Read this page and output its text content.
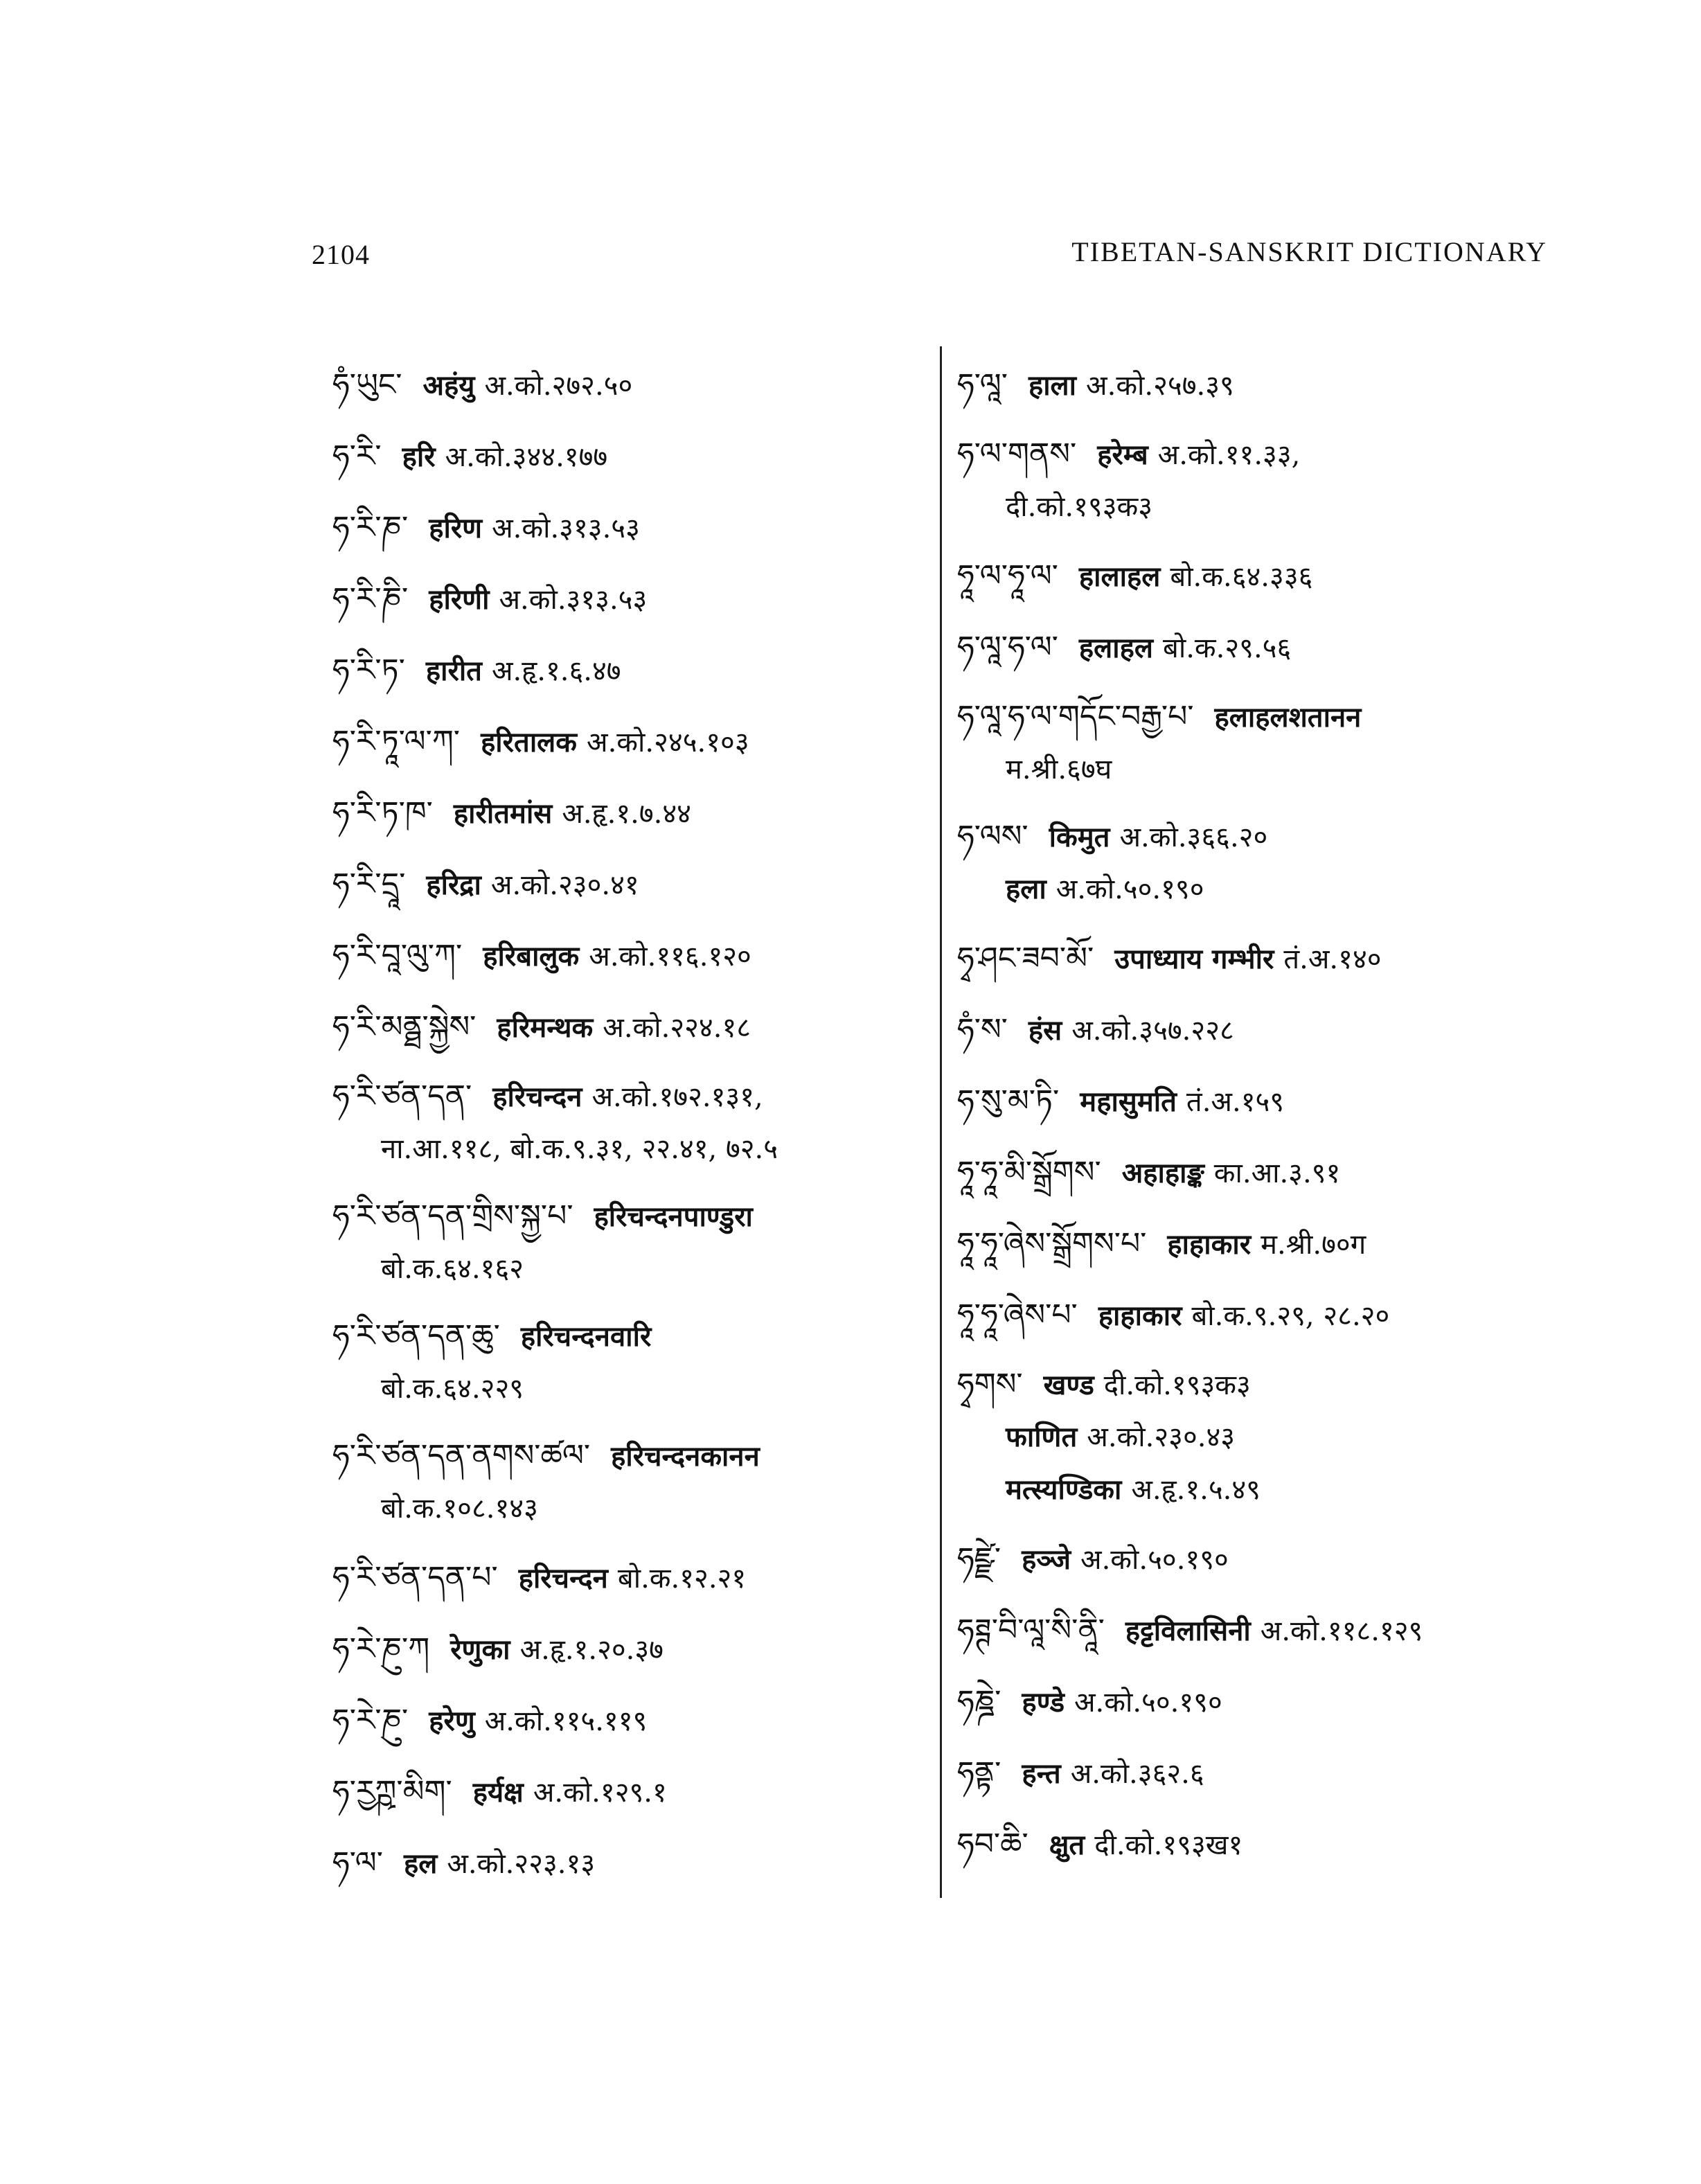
2104	TIBETAN-SANSKRIT DICTIONARY
ཧཾ་ཡུང་ अहंयु अ.को.२७२.५०
ཧ་རི་ हरि अ.को.३४४.१७७
ཧ་རི་ཎ་ हरिण अ.को.३१३.५३
ཧ་རི་ཎི་ हरिणी अ.को.३१३.५३
ཧ་རི་ཏ་ हारीत अ.हृ.१.६.४७
ཧ་རི་ཏཱ་ལ་ཀ་ हरितालक अ.को.२४५.१०३
ཧ་རི་ཏ་ཁ་ हारीतमांस अ.हृ.१.७.४४
ཧ་རི་དྲཱ་ हरिद्रा अ.को.२३०.४१
ཧ་རི་བཱ་ལུ་ཀ་ हरिबालुक अ.को.११६.१२०
ཧ་རི་མནྠ་སྐྱེས་ हरिमन्थक अ.को.२२४.१८
ཧ་རི་ཙན་དན་ हरिचन्दन अ.को.१७२.१३१,
ना.आ.११८, बो.क.९.३१, २२.४१, ७२.५
ཧ་རི་ཙན་དན་གྲིས་སྐྱ་པ་ हरिचन्दनपाण्डुरा
बो.क.६४.१६२
ཧ་རི་ཙན་དན་ཆུ་ हरिचन्दनवारि
बो.क.६४.२२९
ཧ་རི་ཙན་དན་ནགས་ཚལ་ हरिचन्दनकानन
बो.क.१०८.१४३
ཧ་རི་ཙན་དན་པ་ हरिचन्दन बो.क.१२.२१
ཧ་རེ་ཎུ་ཀ रेणुका अ.हृ.१.२०.३७
ཧ་རེ་ཎུ་ हरेणु अ.को.११५.११९
ཧ་རྱཀྵ་མིག་ हर्यक्ष अ.को.१२९.१
ཧ་ལ་ हल अ.को.२२३.१३
ཧ་ལཱ་ हाला अ.को.२५७.३९
ཧ་ལ་གནས་ हरेम्ब अ.को.११.३३,
दी.को.१९३क३
ཧཱ་ལ་ཧཱ་ལ་ हालाहल बो.क.६४.३३६
ཧ་ལཱ་ཧ་ལ་ हलाहल बो.क.२९.५६
ཧ་ལཱ་ཧ་ལ་གདོང་བརྒྱ་པ་ हलाहलशतानन
म.श्री.६७घ
ཧ་ལས་ किमुत अ.को.३६६.२०
हला अ.को.५०.१९०
ཧྭ་ཤང་ཟབ་མོ་ उपाध्याय गम्भीर तं.अ.१४०
ཧཾ་ས་ हंस अ.को.३५७.२२८
ཧ་སུ་མ་ཏི་ महासुमति तं.अ.१५९
ཧཱ་ཧཱ་མི་སྒྲོགས་ अहाहाङ्क का.आ.३.९१
ཧཱ་ཧཱ་ཞེས་སྒྲོགས་པ་ हाहाकार म.श्री.७०ग
ཧཱ་ཧཱ་ཞེས་པ་ हाहाकार बो.क.९.२९, २८.२०
ཧྭགས་ खण्ड दी.को.१९३क३
फाणित अ.को.२३०.४३
मत्स्यण्डिका अ.हृ.१.५.४९
ཧཛྫེ་ हञ्जे अ.को.५०.१९०
ཧཊྚ་བི་ལཱ་སི་ནཱི་ हट्टविलासिनी अ.को.११८.१२९
ཧཎྜེ་ हण्डे अ.को.५०.१९०
ཧནྟ་ हन्त अ.को.३६२.६
ཧབ་ཆི་ क्षुत दी.को.१९३ख१
